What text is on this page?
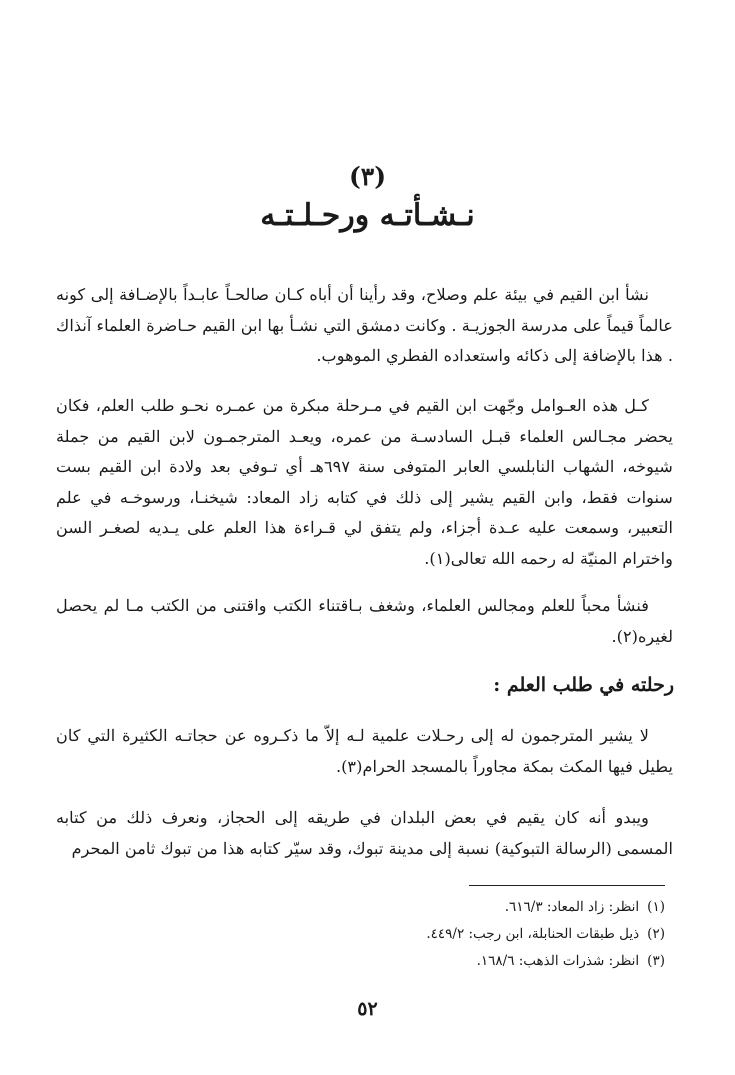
(٣)
نـشـأتـه ورحـلـتـه

نشأ ابن القيم في بيئة علم وصلاح، وقد رأينا أن أباه كـان صالحـاً عابـداً بالإضـافة إلى كونه عالماً قيماً على مدرسة الجوزيـة . وكانت دمشق التي نشـأ بها ابن القيم حـاضرة العلماء آنذاك . هذا بالإضافة إلى ذكائه واستعداده الفطري الموهوب.

كـل هذه العـوامل وجّهت ابن القيم في مـرحلة مبكرة من عمـره نحـو طلب العلم، فكان يحضر مجـالس العلماء قبـل السادسـة من عمره، ويعـد المترجمـون لابن القيم من جملة شيوخه، الشهاب النابلسي العابر المتوفى سنة ٦٩٧هـ أي تـوفي بعد ولادة ابن القيم بست سنوات فقط، وابن القيم يشير إلى ذلك في كتابه زاد المعاد: شيخنـا، ورسوخـه في علم التعبير، وسمعت عليه عـدة أجزاء، ولم يتفق لي قـراءة هذا العلم على يـديه لصغـر السن واخترام المنيّة له رحمه الله تعالى(١).

فنشأ محباً للعلم ومجالس العلماء، وشغف بـاقتناء الكتب واقتنى من الكتب مـا لم يحصل لغيره(٢).

رحلته في طلب العلم :

لا يشير المترجمون له إلى رحـلات علمية لـه إلاّ ما ذكـروه عن حجاتـه الكثيرة التي كان يطيل فيها المكث بمكة مجاوراً بالمسجد الحرام(٣).

ويبدو أنه كان يقيم في بعض البلدان في طريقه إلى الحجاز، ونعرف ذلك من كتابه المسمى (الرسالة التبوكية) نسبة إلى مدينة تبوك، وقد سيّر كتابه هذا من تبوك ثامن المحرم

(١)انظر: زاد المعاد: ٦١٦/٣.
(٢)ذيل طبقات الحنابلة، ابن رجب: ٤٤٩/٢.
(٣)انظر: شذرات الذهب: ١٦٨/٦.
٥٢
